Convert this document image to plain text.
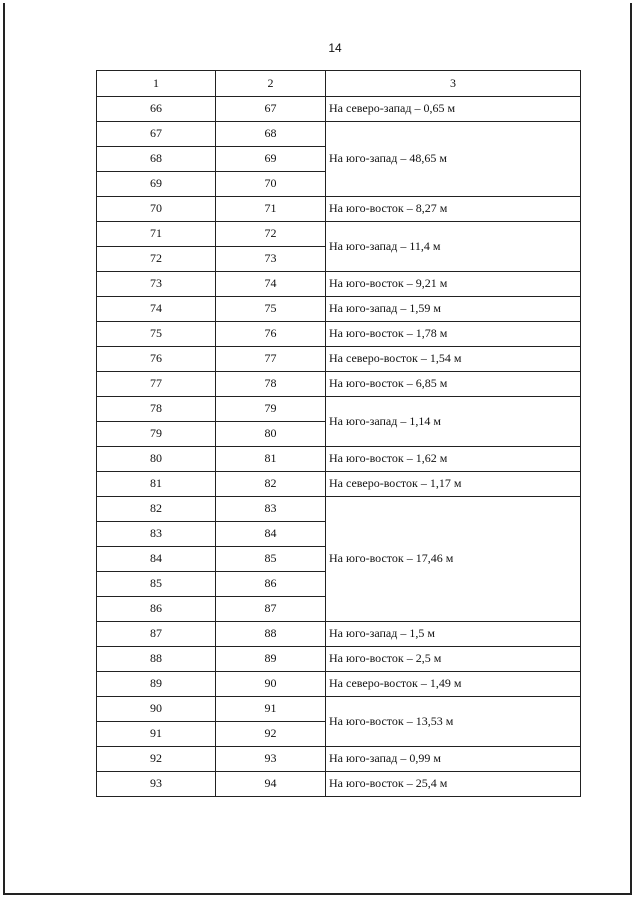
14
1	2	3
66	67	На северо-запад – 0,65 м
67	68	На юго-запад – 48,65 м
68	69	
69	70	
70	71	На юго-восток – 8,27 м
71	72	На юго-запад – 11,4 м
72	73	
73	74	На юго-восток – 9,21 м
74	75	На юго-запад – 1,59 м
75	76	На юго-восток – 1,78 м
76	77	На северо-восток – 1,54 м
77	78	На юго-восток – 6,85 м
78	79	На юго-запад – 1,14 м
79	80	
80	81	На юго-восток – 1,62 м
81	82	На северо-восток – 1,17 м
82	83	На юго-восток – 17,46 м
83	84	
84	85	
85	86	
86	87	
87	88	На юго-запад – 1,5 м
88	89	На юго-восток – 2,5 м
89	90	На северо-восток – 1,49 м
90	91	На юго-восток – 13,53 м
91	92	
92	93	На юго-запад – 0,99 м
93	94	На юго-восток – 25,4 м
